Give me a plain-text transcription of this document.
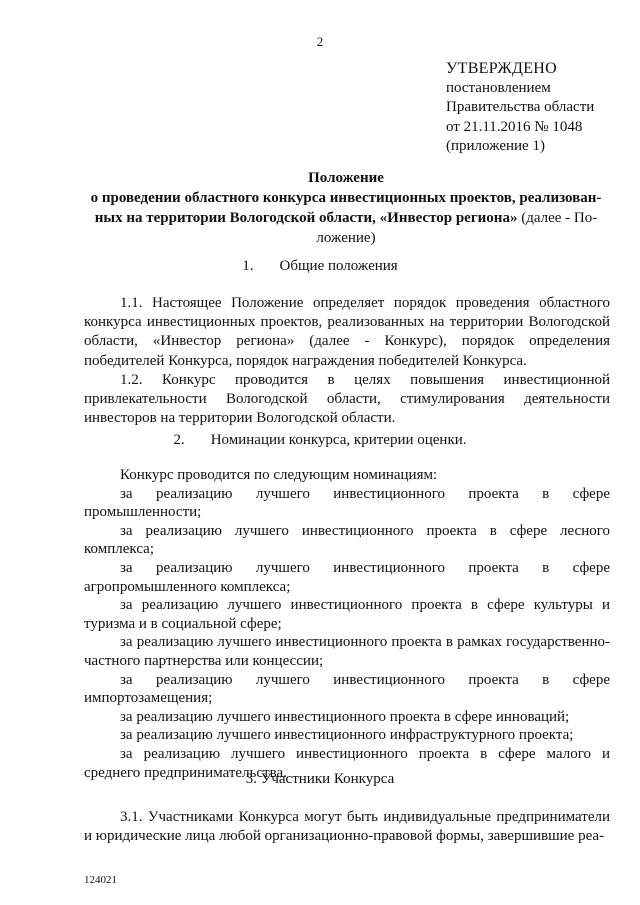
2
УТВЕРЖДЕНО
постановлением
Правительства области
от 21.11.2016 № 1048
(приложение 1)
Положение
о проведении областного конкурса инвестиционных проектов, реализован-
ных на территории Вологодской области, «Инвестор региона» (далее - По-
ложение)
1. Общие положения
1.1. Настоящее Положение определяет порядок проведения областного конкурса инвестиционных проектов, реализованных на территории Вологодской области, «Инвестор региона» (далее - Конкурс), порядок определения победителей Конкурса, порядок награждения победителей Конкурса.
1.2. Конкурс проводится в целях повышения инвестиционной привлекательности Вологодской области, стимулирования деятельности инвесторов на территории Вологодской области.
2. Номинации конкурса, критерии оценки.

Конкурс проводится по следующим номинациям:

за реализацию лучшего инвестиционного проекта в сфере промышленности;

за реализацию лучшего инвестиционного проекта в сфере лесного комплекса;

за реализацию лучшего инвестиционного проекта в сфере агропромышленного комплекса;

за реализацию лучшего инвестиционного проекта в сфере культуры и туризма и в социальной сфере;

за реализацию лучшего инвестиционного проекта в рамках государственно-частного партнерства или концессии;

за реализацию лучшего инвестиционного проекта в сфере импортозамещения;

за реализацию лучшего инвестиционного проекта в сфере инноваций;

за реализацию лучшего инвестиционного инфраструктурного проекта;

за реализацию лучшего инвестиционного проекта в сфере малого и среднего предпринимательства.

3. Участники Конкурса
3.1. Участниками Конкурса могут быть индивидуальные предприниматели и юридические лица любой организационно-правовой формы, завершившие реа-
124021
